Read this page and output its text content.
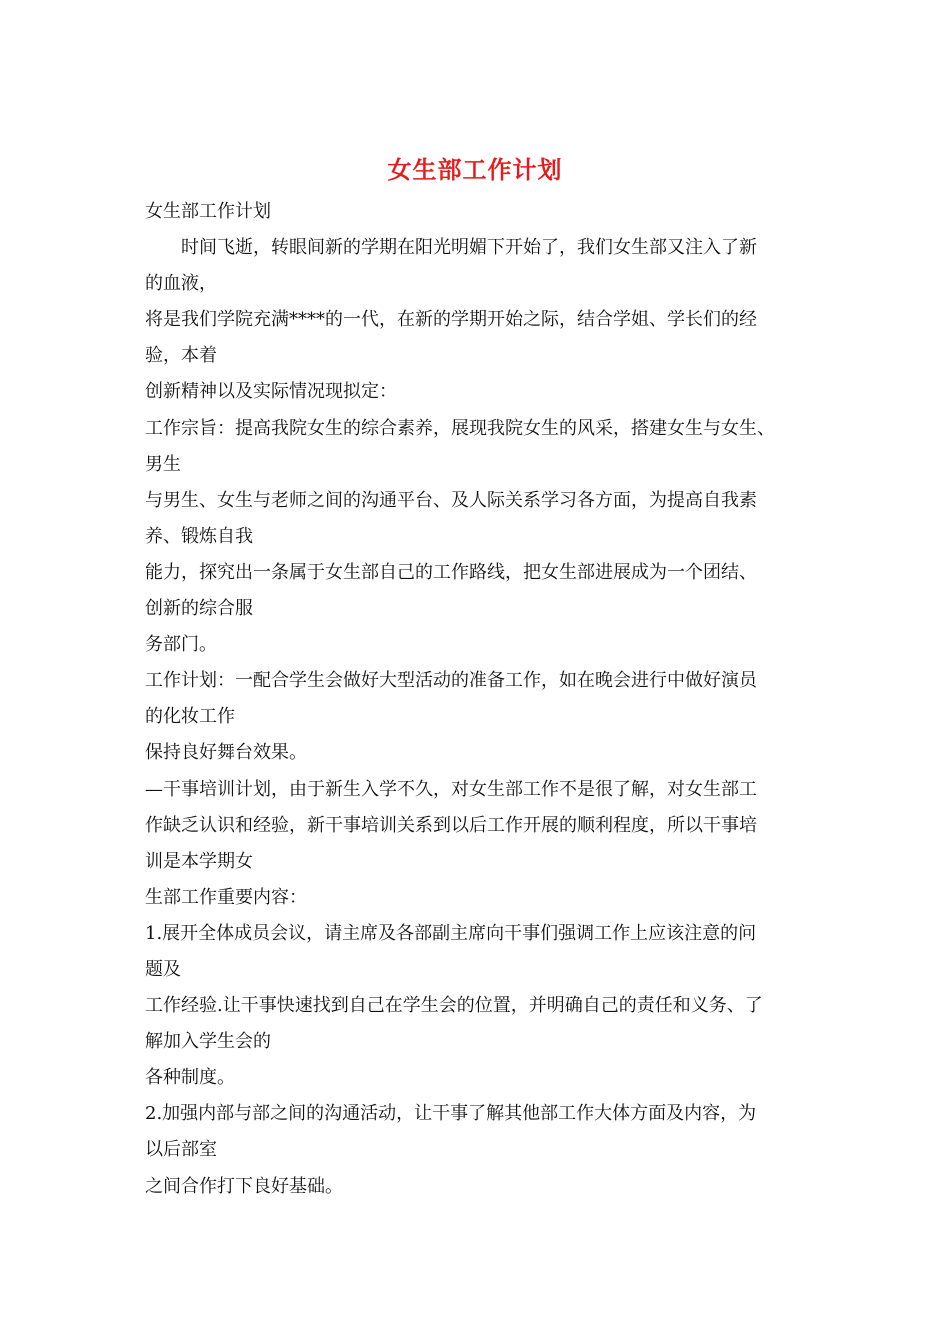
女生部工作计划
女生部工作计划
时间飞逝，转眼间新的学期在阳光明媚下开始了，我们女生部又注入了新
的血液，
将是我们学院充满****的一代，在新的学期开始之际，结合学姐、学长们的经
验，本着
创新精神以及实际情况现拟定：
工作宗旨：提高我院女生的综合素养，展现我院女生的风采，搭建女生与女生、
男生
与男生、女生与老师之间的沟通平台、及人际关系学习各方面，为提高自我素
养、锻炼自我
能力，探究出一条属于女生部自己的工作路线，把女生部进展成为一个团结、
创新的综合服
务部门。
工作计划：一配合学生会做好大型活动的准备工作，如在晚会进行中做好演员
的化妆工作
保持良好舞台效果。
—干事培训计划，由于新生入学不久，对女生部工作不是很了解，对女生部工
作缺乏认识和经验，新干事培训关系到以后工作开展的顺利程度，所以干事培
训是本学期女
生部工作重要内容：
1.展开全体成员会议，请主席及各部副主席向干事们强调工作上应该注意的问
题及
工作经验.让干事快速找到自己在学生会的位置，并明确自己的责任和义务、了
解加入学生会的
各种制度。
2.加强内部与部之间的沟通活动，让干事了解其他部工作大体方面及内容，为
以后部室
之间合作打下良好基础。
